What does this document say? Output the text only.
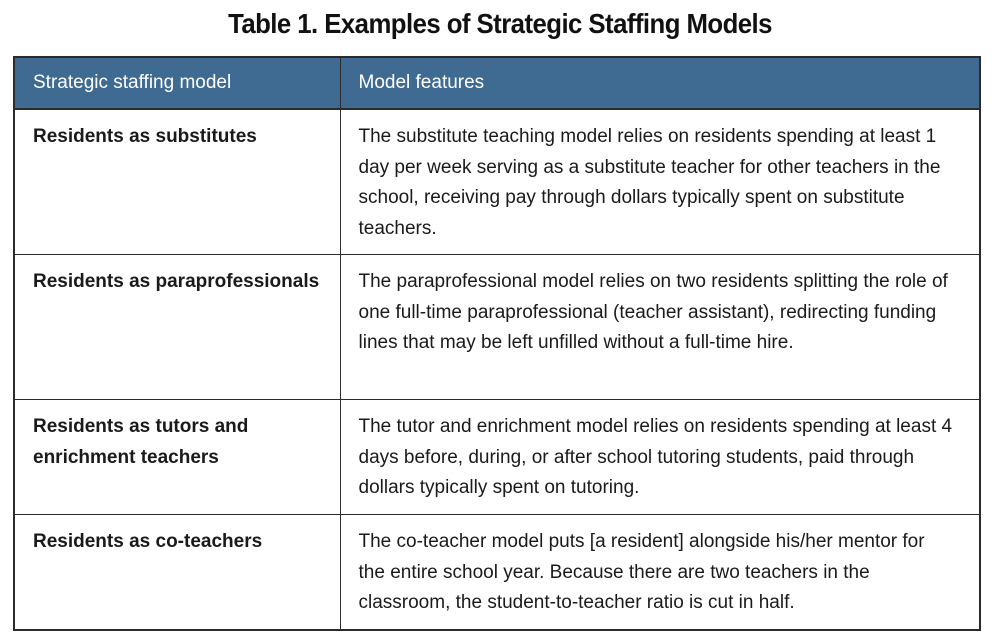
Table 1. Examples of Strategic Staffing Models
Strategic staffing model	Model features
Residents as substitutes	The substitute teaching model relies on residents spending at least 1 day per week serving as a substitute teacher for other teachers in the school, receiving pay through dollars typically spent on substitute teachers.
Residents as paraprofessionals	The paraprofessional model relies on two residents splitting the role of one full-time paraprofessional (teacher assistant), redirecting funding lines that may be left unfilled without a full-time hire.
Residents as tutors and enrichment teachers	The tutor and enrichment model relies on residents spending at least 4 days before, during, or after school tutoring students, paid through dollars typically spent on tutoring.
Residents as co-teachers	The co-teacher model puts [a resident] alongside his/her mentor for the entire school year. Because there are two teachers in the classroom, the student-to-teacher ratio is cut in half.
